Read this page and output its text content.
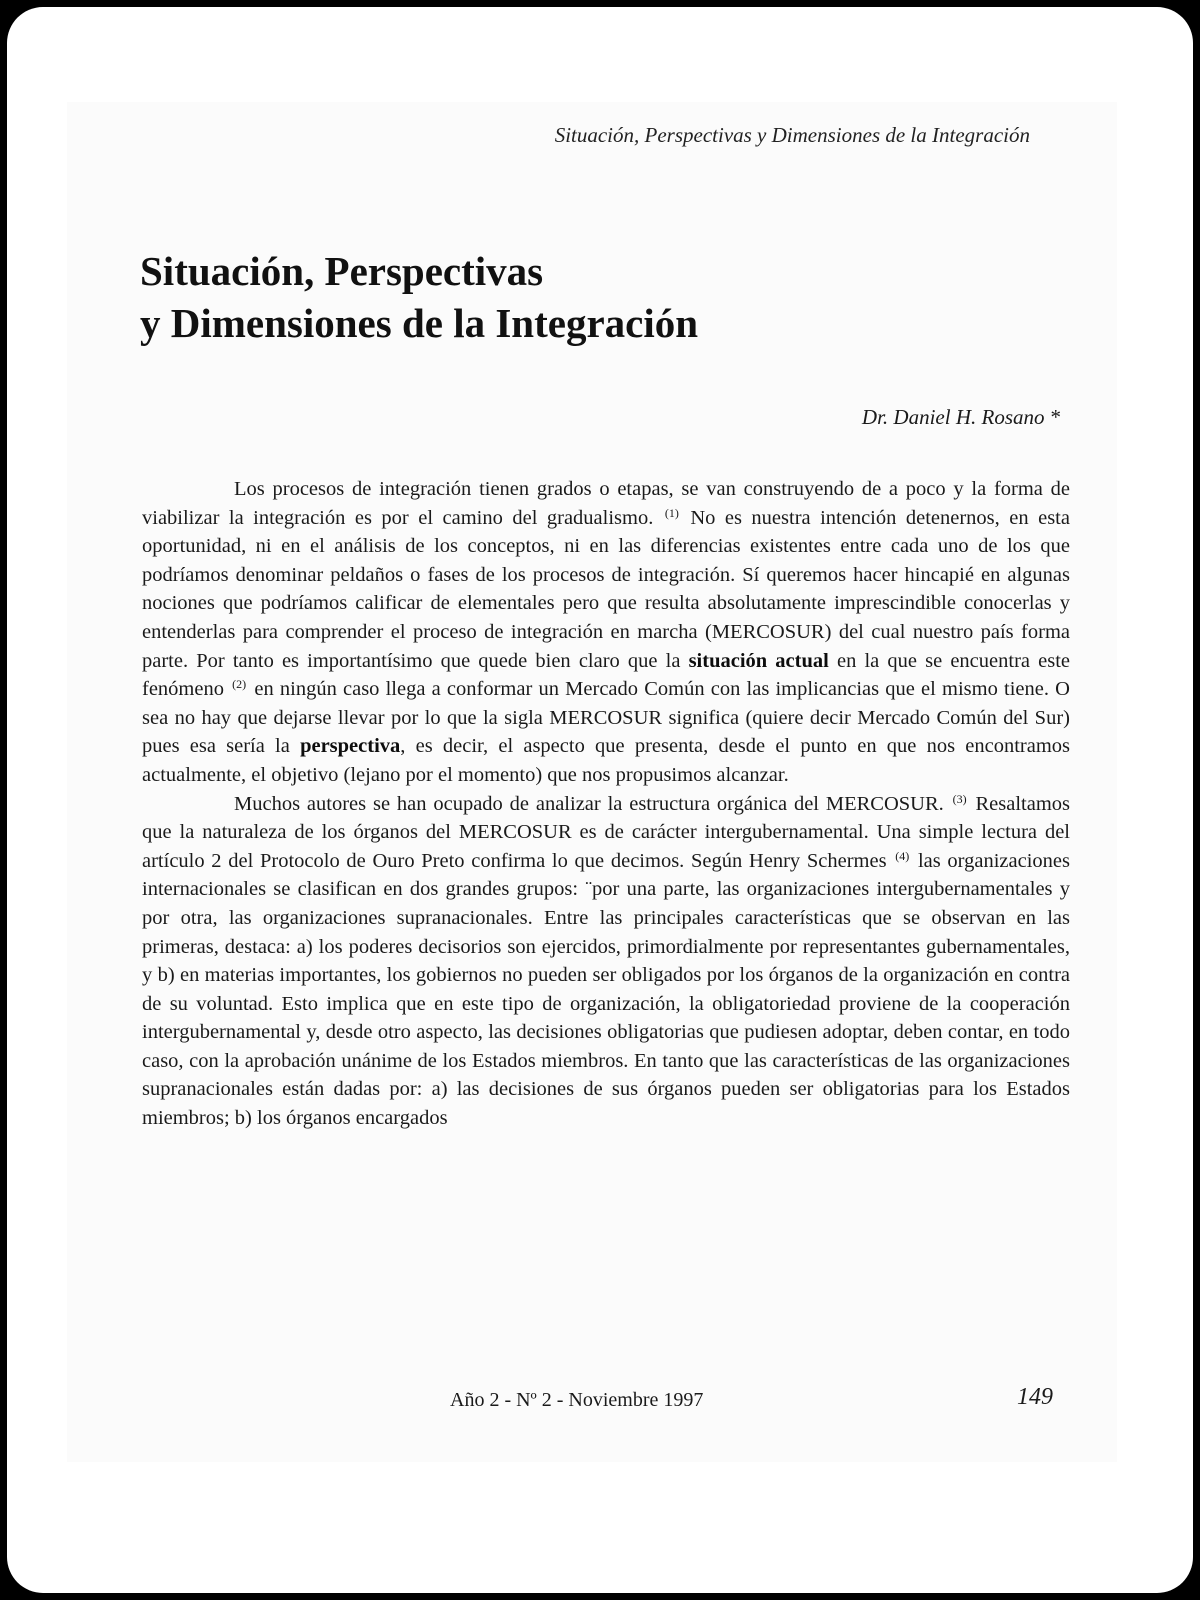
Situación, Perspectivas y Dimensiones de la Integración
Situación, Perspectivas
y Dimensiones de la Integración
Dr. Daniel H. Rosano *

Los procesos de integración tienen grados o etapas, se van construyendo de a poco y la forma de viabilizar la integración es por el camino del gradualismo. $^{(1)}$ No es nuestra intención detenernos, en esta oportunidad, ni en el análisis de los conceptos, ni en las diferencias existentes entre cada uno de los que podríamos denominar peldaños o fases de los procesos de integración. Sí queremos hacer hincapié en algunas nociones que podríamos calificar de elementales pero que resulta absolutamente imprescindible conocerlas y entenderlas para comprender el proceso de integración en marcha (MERCOSUR) del cual nuestro país forma parte. Por tanto es importantísimo que quede bien claro que la situación actual en la que se encuentra este fenómeno $^{(2)}$ en ningún caso llega a conformar un Mercado Común con las implicancias que el mismo tiene. O sea no hay que dejarse llevar por lo que la sigla MERCOSUR significa (quiere decir Mercado Común del Sur) pues esa sería la perspectiva, es decir, el aspecto que presenta, desde el punto en que nos encontramos actualmente, el objetivo (lejano por el momento) que nos propusimos alcanzar.

Muchos autores se han ocupado de analizar la estructura orgánica del MERCOSUR. $^{(3)}$ Resaltamos que la naturaleza de los órganos del MERCOSUR es de carácter intergubernamental. Una simple lectura del artículo 2 del Protocolo de Ouro Preto confirma lo que decimos. Según Henry Schermes $^{(4)}$ las organizaciones internacionales se clasifican en dos grandes grupos: ¨por una parte, las organizaciones intergubernamentales y por otra, las organizaciones supranacionales. Entre las principales características que se observan en las primeras, destaca: a) los poderes decisorios son ejercidos, primordialmente por representantes gubernamentales, y b) en materias importantes, los gobiernos no pueden ser obligados por los órganos de la organización en contra de su voluntad. Esto implica que en este tipo de organización, la obligatoriedad proviene de la cooperación intergubernamental y, desde otro aspecto, las decisiones obligatorias que pudiesen adoptar, deben contar, en todo caso, con la aprobación unánime de los Estados miembros. En tanto que las características de las organizaciones supranacionales están dadas por: a) las decisiones de sus órganos pueden ser obligatorias para los Estados miembros; b) los órganos encargados

Año 2 - Nº 2 - Noviembre 1997	149
